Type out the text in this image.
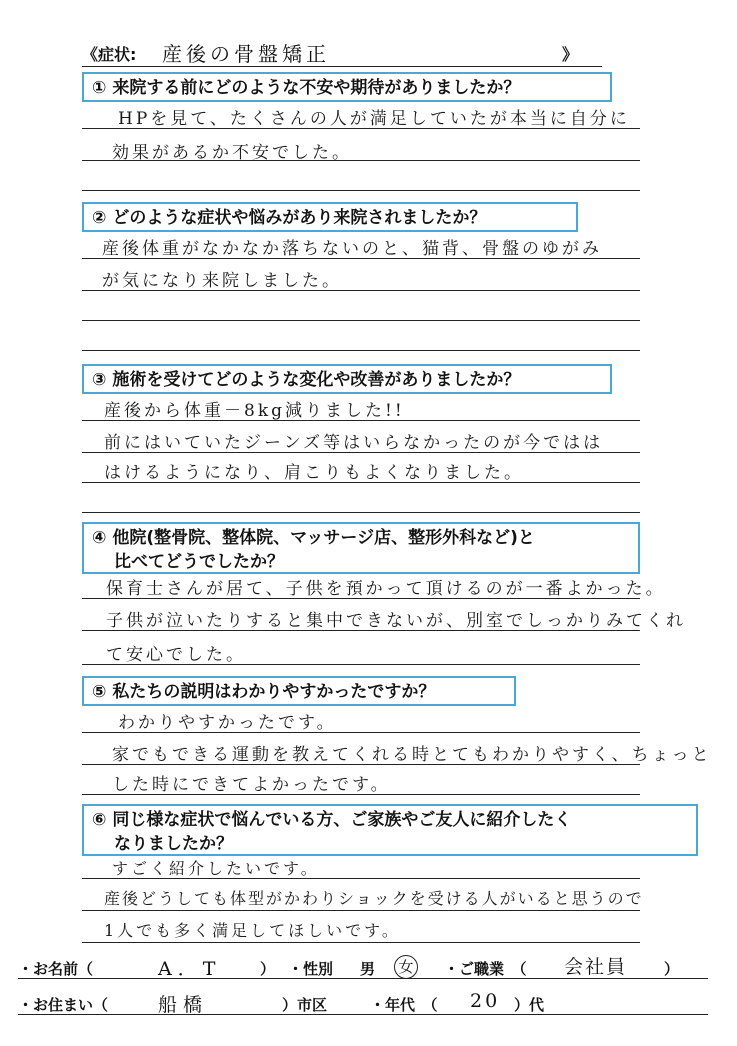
《症状: 産後の骨盤矯正	》
① 来院する前にどのような不安や期待がありましたか？
HPを見て、たくさんの人が満足していたが本当に自分に
効果があるか不安でした。
② どのような症状や悩みがあり来院されましたか？
産後体重がなかなか落ちないのと、猫背、骨盤のゆがみ
が気になり来院しました。
③ 施術を受けてどのような変化や改善がありましたか？
産後から体重－8kg減りました!!
前にはいていたジーンズ等はいらなかったのが今ではは
はけるようになり、肩こりもよくなりました。
④ 他院(整骨院、整体院、マッサージ店、整形外科など)と
比べてどうでしたか？
保育士さんが居て、子供を預かって頂けるのが一番よかった。
子供が泣いたりすると集中できないが、別室でしっかりみてくれ
て安心でした。
⑤ 私たちの説明はわかりやすかったですか？
わかりやすかったです。
家でもできる運動を教えてくれる時とてもわかりやすく、ちょっと
した時にできてよかったです。
⑥ 同じ様な症状で悩んでいる方、ご家族やご友人に紹介したく
なりましたか？
すごく紹介したいです。
産後どうしても体型がかわりショックを受ける人がいると思うので
1人でも多く満足してほしいです。
・お名前（	A．T	） ・性別 男 女	・ご職業　（ 会社員 ）
・お住まい（	船橋	）市区	・年代　（ 20 ）代
